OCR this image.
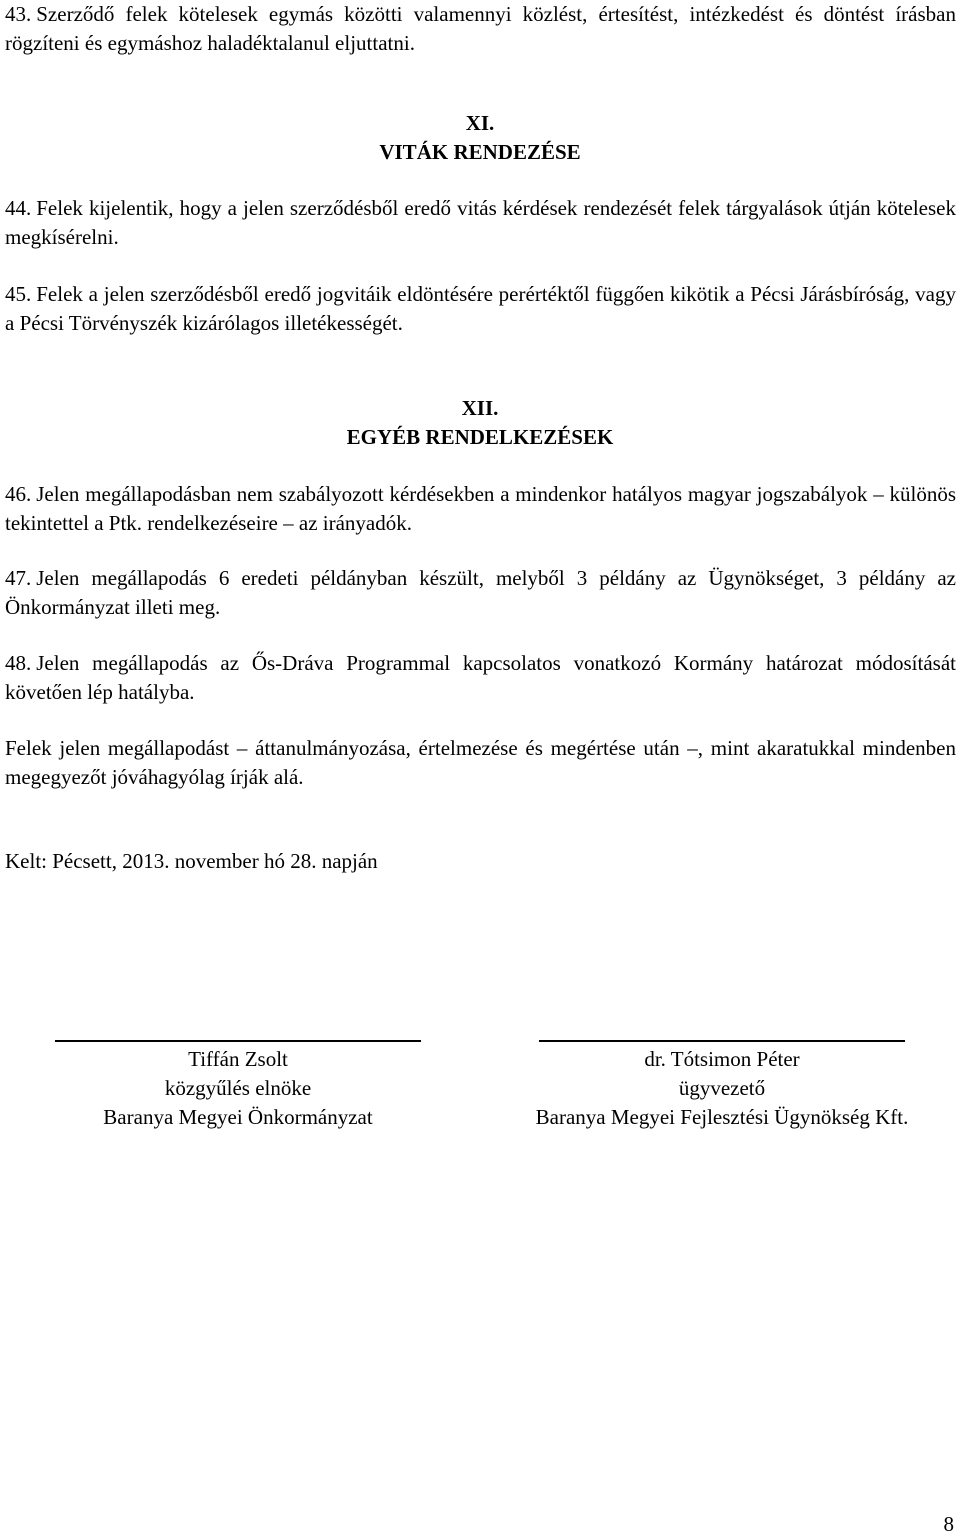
43. Szerződő felek kötelesek egymás közötti valamennyi közlést, értesítést, intézkedést és döntést írásban rögzíteni és egymáshoz haladéktalanul eljuttatni.

XI.
VITÁK RENDEZÉSE

44. Felek kijelentik, hogy a jelen szerződésből eredő vitás kérdések rendezését felek tárgyalások útján kötelesek megkísérelni.

45. Felek a jelen szerződésből eredő jogvitáik eldöntésére perértéktől függően kikötik a Pécsi Járásbíróság, vagy a Pécsi Törvényszék kizárólagos illetékességét.

XII.
EGYÉB RENDELKEZÉSEK

46. Jelen megállapodásban nem szabályozott kérdésekben a mindenkor hatályos magyar jogszabályok – különös tekintettel a Ptk. rendelkezéseire – az irányadók.

47. Jelen megállapodás 6 eredeti példányban készült, melyből 3 példány az Ügynökséget, 3 példány az Önkormányzat illeti meg.

48. Jelen megállapodás az Ős-Dráva Programmal kapcsolatos vonatkozó Kormány határozat módosítását követően lép hatályba.

Felek jelen megállapodást – áttanulmányozása, értelmezése és megértése után –, mint akaratukkal mindenben megegyezőt jóváhagyólag írják alá.

Kelt: Pécsett, 2013. november hó 28. napján

Tiffán Zsolt
közgyűlés elnöke
Baranya Megyei Önkormányzat
dr. Tótsimon Péter
ügyvezető
Baranya Megyei Fejlesztési Ügynökség Kft.
8
